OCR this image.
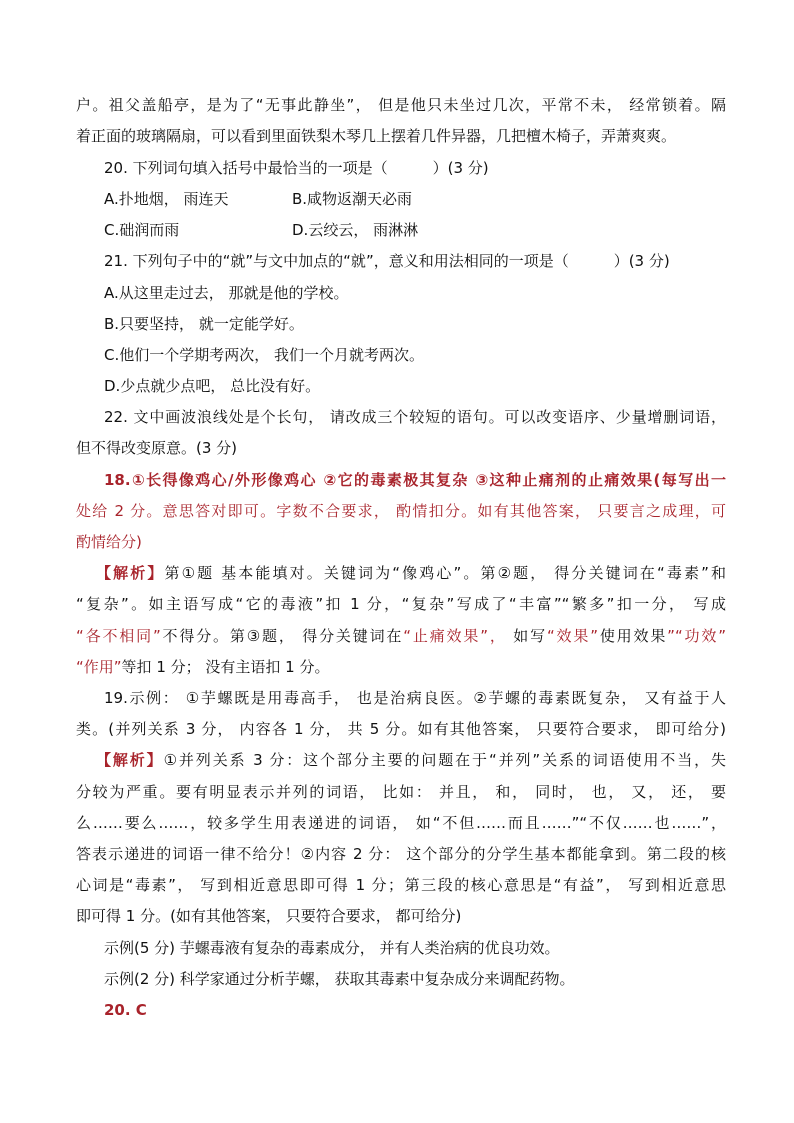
户。祖父盖船亭，是为了“无事此静坐”， 但是他只未坐过几次，平常不未， 经常锁着。隔
着正面的玻璃隔扇，可以看到里面铁梨木琴几上摆着几件异器，几把檀木椅子，弄萧爽爽。
20. 下列词句填入括号中最恰当的一项是（　　　）(3 分)
A.扑地烟， 雨连天	B.咸物返潮天必雨
C.础润而雨	D.云绞云， 雨淋淋
21. 下列句子中的“就”与文中加点的“就”，意义和用法相同的一项是（　　　）(3 分)
A.从这里走过去， 那就是他的学校。
B.只要坚持， 就一定能学好。
C.他们一个学期考两次， 我们一个月就考两次。
D.少点就少点吧， 总比没有好。
22. 文中画波浪线处是个长句， 请改成三个较短的语句。可以改变语序、少量增删词语，
但不得改变原意。(3 分)
18.①长得像鸡心/外形像鸡心 ②它的毒素极其复杂 ③这种止痛剂的止痛效果(每写出一
处给 2 分。意思答对即可。字数不合要求， 酌情扣分。如有其他答案， 只要言之成理，可
酌情给分)
【解析】第①题 基本能填对。关键词为“像鸡心”。第②题， 得分关键词在“毒素”和
“复杂”。如主语写成“它的毒液”扣 1 分，“复杂”写成了“丰富”“繁多”扣一分， 写成
“各不相同”不得分。第③题， 得分关键词在“止痛效果”， 如写“效果”使用效果”“功效”
“作用”等扣 1 分； 没有主语扣 1 分。
19.示例： ①芋螺既是用毒高手， 也是治病良医。②芋螺的毒素既复杂， 又有益于人
类。(并列关系 3 分， 内容各 1 分， 共 5 分。如有其他答案， 只要符合要求， 即可给分)
【解析】①并列关系 3 分：这个部分主要的问题在于“并列”关系的词语使用不当，失
分较为严重。要有明显表示并列的词语， 比如： 并且， 和， 同时， 也， 又， 还， 要
么……要么……，较多学生用表递进的词语， 如“不但……而且……”“不仅……也……”，
答表示递进的词语一律不给分！②内容 2 分： 这个部分的分学生基本都能拿到。第二段的核
心词是“毒素”， 写到相近意思即可得 1 分；第三段的核心意思是“有益”， 写到相近意思
即可得 1 分。(如有其他答案， 只要符合要求， 都可给分)
示例(5 分) 芋螺毒液有复杂的毒素成分， 并有人类治病的优良功效。
示例(2 分) 科学家通过分析芋螺， 获取其毒素中复杂成分来调配药物。
20. C
